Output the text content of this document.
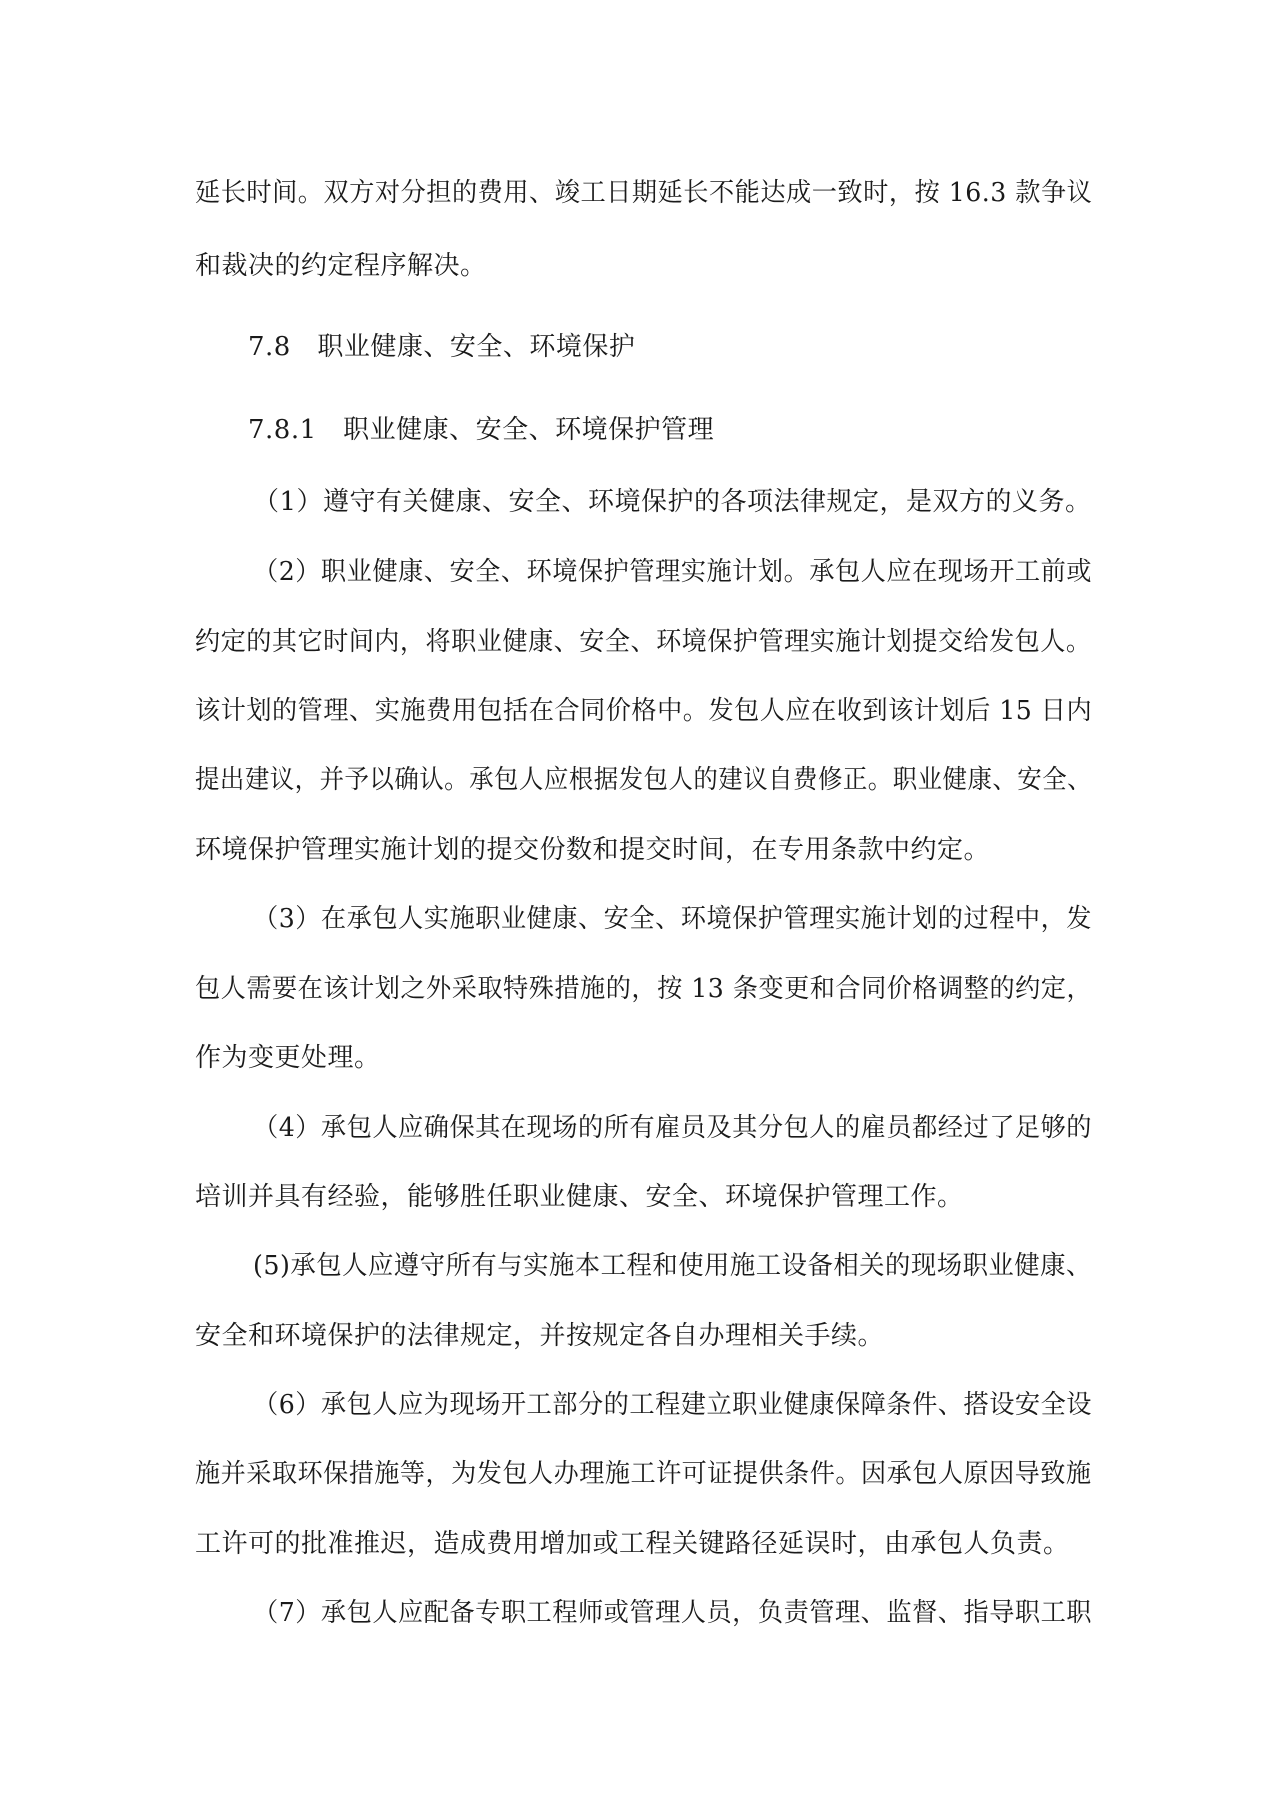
延长时间。双方对分担的费用、竣工日期延长不能达成一致时，按 16.3 款争议
和裁决的约定程序解决。
7.8　职业健康、安全、环境保护
7.8.1　职业健康、安全、环境保护管理
（1）遵守有关健康、安全、环境保护的各项法律规定，是双方的义务。
（2）职业健康、安全、环境保护管理实施计划。承包人应在现场开工前或
约定的其它时间内，将职业健康、安全、环境保护管理实施计划提交给发包人。
该计划的管理、实施费用包括在合同价格中。发包人应在收到该计划后 15 日内
提出建议，并予以确认。承包人应根据发包人的建议自费修正。职业健康、安全、
环境保护管理实施计划的提交份数和提交时间，在专用条款中约定。
（3）在承包人实施职业健康、安全、环境保护管理实施计划的过程中，发
包人需要在该计划之外采取特殊措施的，按 13 条变更和合同价格调整的约定，
作为变更处理。
（4）承包人应确保其在现场的所有雇员及其分包人的雇员都经过了足够的
培训并具有经验，能够胜任职业健康、安全、环境保护管理工作。
(5)承包人应遵守所有与实施本工程和使用施工设备相关的现场职业健康、
安全和环境保护的法律规定，并按规定各自办理相关手续。
（6）承包人应为现场开工部分的工程建立职业健康保障条件、搭设安全设
施并采取环保措施等，为发包人办理施工许可证提供条件。因承包人原因导致施
工许可的批准推迟，造成费用增加或工程关键路径延误时，由承包人负责。
（7）承包人应配备专职工程师或管理人员，负责管理、监督、指导职工职
